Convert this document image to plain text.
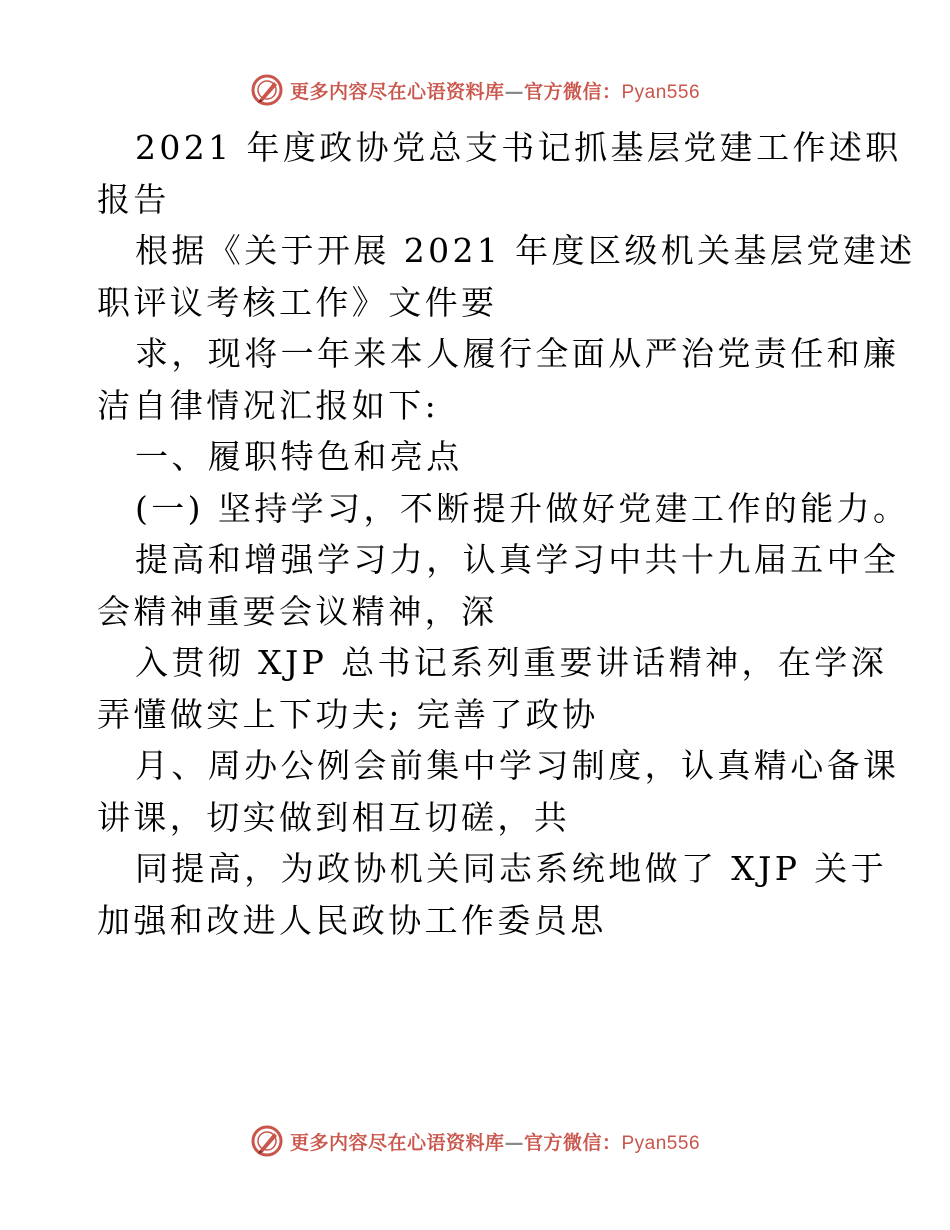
更多内容尽在心语资料库—官方微信：Pyan556
2021 年度政协党总支书记抓基层党建工作述职
报告
根据《关于开展 2021 年度区级机关基层党建述
职评议考核工作》文件要
求，现将一年来本人履行全面从严治党责任和廉
洁自律情况汇报如下:
一、履职特色和亮点
(一) 坚持学习，不断提升做好党建工作的能力。
提高和增强学习力，认真学习中共十九届五中全
会精神重要会议精神，深
入贯彻 XJP 总书记系列重要讲话精神，在学深
弄懂做实上下功夫; 完善了政协
月、周办公例会前集中学习制度，认真精心备课
讲课，切实做到相互切磋，共
同提高，为政协机关同志系统地做了 XJP 关于
加强和改进人民政协工作委员思
更多内容尽在心语资料库—官方微信：Pyan556
